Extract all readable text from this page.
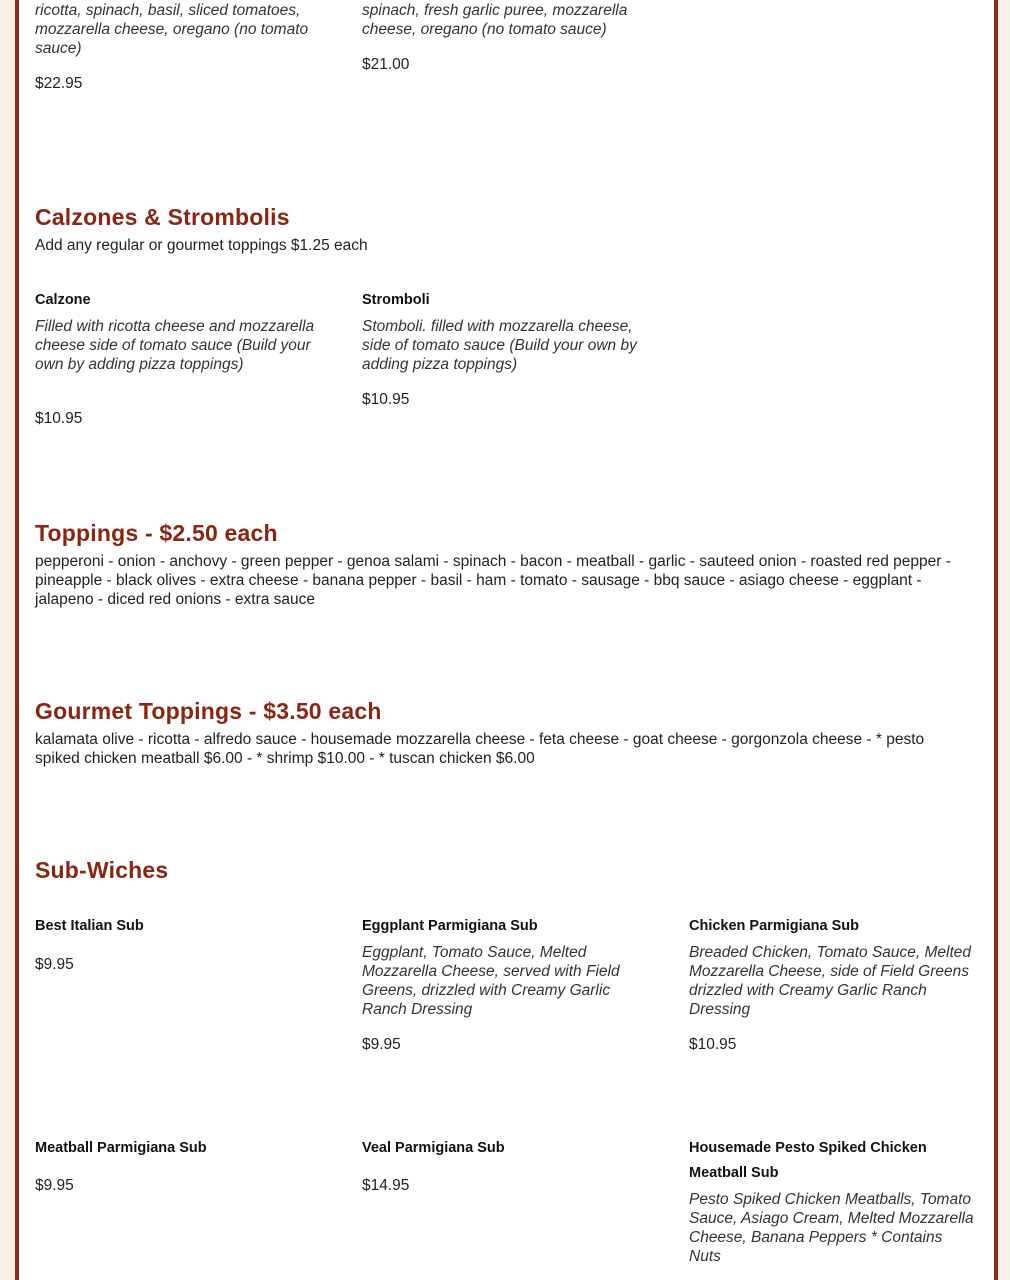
ricotta, spinach, basil, sliced tomatoes, mozzarella cheese, oregano (no tomato sauce)
$22.95
spinach, fresh garlic puree, mozzarella cheese, oregano (no tomato sauce)
$21.00
Calzones & Strombolis
Add any regular or gourmet toppings $1.25 each
Calzone
Filled with ricotta cheese and mozzarella cheese side of tomato sauce (Build your own by adding pizza toppings)
$10.95
Stromboli
Stomboli. filled with mozzarella cheese, side of tomato sauce (Build your own by adding pizza toppings)
$10.95
Toppings - $2.50 each
pepperoni - onion - anchovy - green pepper - genoa salami - spinach - bacon - meatball - garlic - sauteed onion - roasted red pepper - pineapple - black olives - extra cheese - banana pepper - basil - ham - tomato - sausage - bbq sauce - asiago cheese - eggplant - jalapeno - diced red onions - extra sauce
Gourmet Toppings - $3.50 each
kalamata olive - ricotta - alfredo sauce - housemade mozzarella cheese - feta cheese - goat cheese - gorgonzola cheese - * pesto spiked chicken meatball $6.00 - * shrimp $10.00 - * tuscan chicken $6.00
Sub-Wiches
Best Italian Sub
$9.95
Eggplant Parmigiana Sub
Eggplant, Tomato Sauce, Melted Mozzarella Cheese, served with Field Greens, drizzled with Creamy Garlic Ranch Dressing
$9.95
Chicken Parmigiana Sub
Breaded Chicken, Tomato Sauce, Melted Mozzarella Cheese, side of Field Greens drizzled with Creamy Garlic Ranch Dressing
$10.95
Meatball Parmigiana Sub
$9.95
Veal Parmigiana Sub
$14.95
Housemade Pesto Spiked Chicken Meatball Sub
Pesto Spiked Chicken Meatballs, Tomato Sauce, Asiago Cream, Melted Mozzarella Cheese, Banana Peppers * Contains Nuts
